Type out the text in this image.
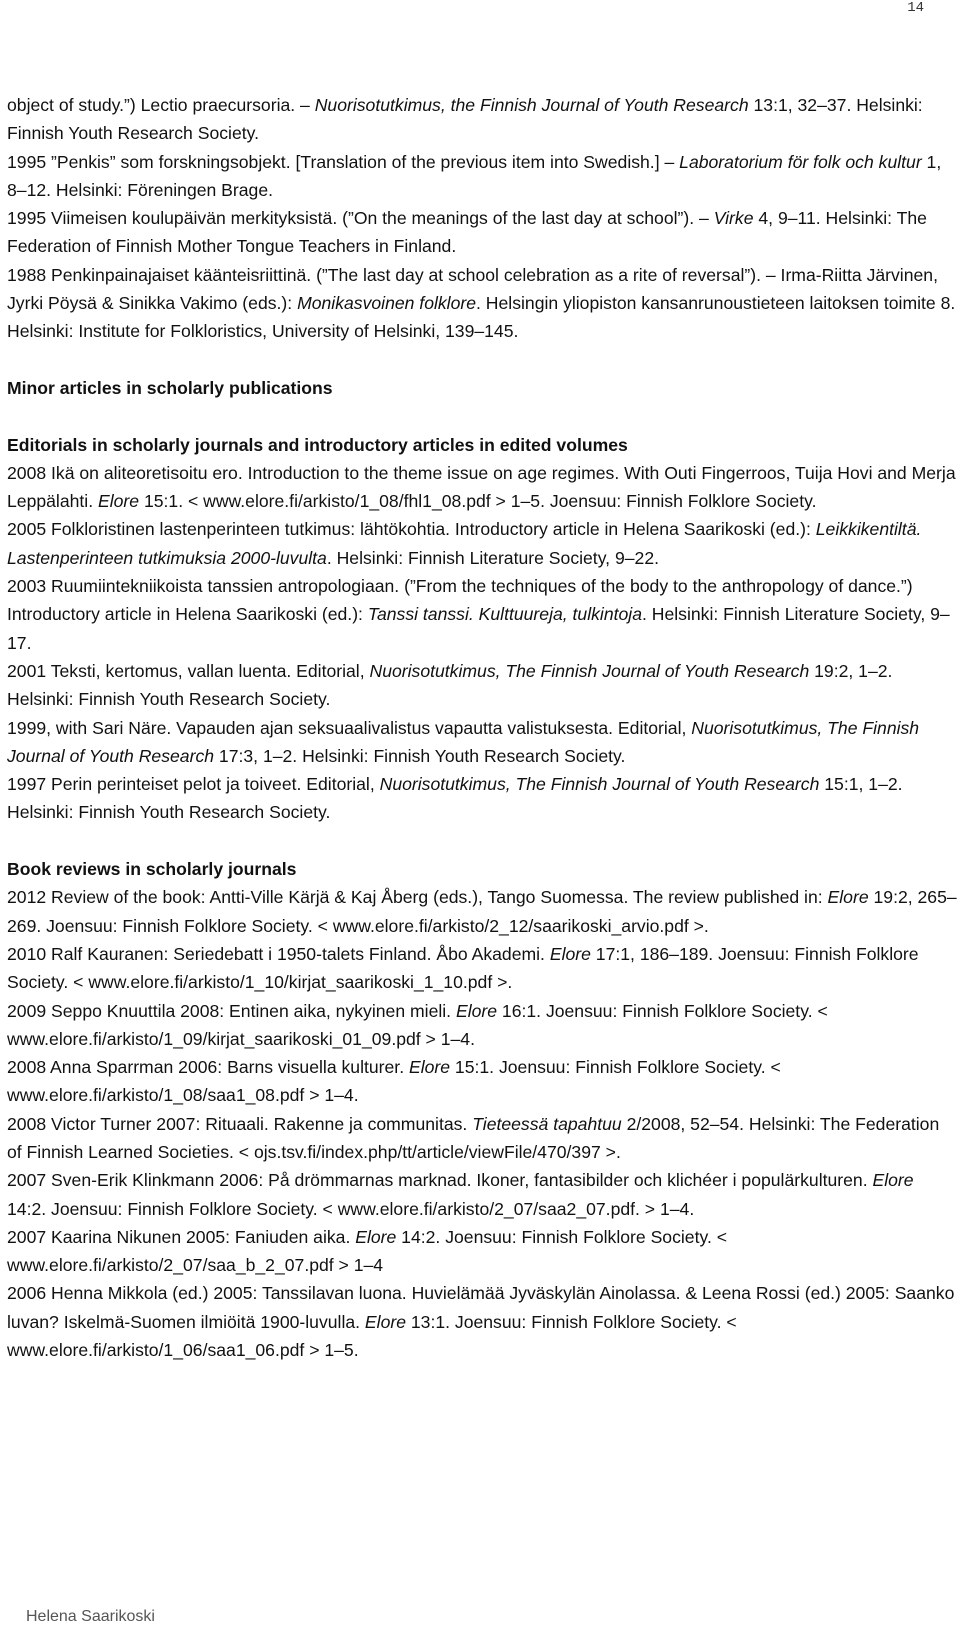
14

object of study.”) Lectio praecursoria. – Nuorisotutkimus, the Finnish Journal of Youth Research 13:1, 32–37. Helsinki: Finnish Youth Research Society.

1995 ”Penkis” som forskningsobjekt. [Translation of the previous item into Swedish.] – Laboratorium för folk och kultur 1, 8–12. Helsinki: Föreningen Brage.

1995 Viimeisen koulupäivän merkityksistä. (”On the meanings of the last day at school”). – Virke 4, 9–11. Helsinki: The Federation of Finnish Mother Tongue Teachers in Finland.

1988 Penkinpainajaiset käänteisriittinä. (”The last day at school celebration as a rite of reversal”). – Irma-Riitta Järvinen, Jyrki Pöysä & Sinikka Vakimo (eds.): Monikasvoinen folklore. Helsingin yliopiston kansanrunoustieteen laitoksen toimite 8. Helsinki: Institute for Folkloristics, University of Helsinki, 139–145.

Minor articles in scholarly publications

Editorials in scholarly journals and introductory articles in edited volumes

2008 Ikä on aliteoretisoitu ero. Introduction to the theme issue on age regimes. With Outi Fingerroos, Tuija Hovi and Merja Leppälahti. Elore 15:1. < www.elore.fi/arkisto/1_08/fhl1_08.pdf > 1–5. Joensuu: Finnish Folklore Society.

2005 Folkloristinen lastenperinteen tutkimus: lähtökohtia. Introductory article in Helena Saarikoski (ed.): Leikkikentiltä. Lastenperinteen tutkimuksia 2000-luvulta. Helsinki: Finnish Literature Society, 9–22.

2003 Ruumiintekniikoista tanssien antropologiaan. (”From the techniques of the body to the anthropology of dance.”) Introductory article in Helena Saarikoski (ed.): Tanssi tanssi. Kulttuureja, tulkintoja. Helsinki: Finnish Literature Society, 9–17.

2001 Teksti, kertomus, vallan luenta. Editorial, Nuorisotutkimus, The Finnish Journal of Youth Research 19:2, 1–2. Helsinki: Finnish Youth Research Society.

1999, with Sari Näre. Vapauden ajan seksuaalivalistus vapautta valistuksesta. Editorial, Nuorisotutkimus, The Finnish Journal of Youth Research 17:3, 1–2. Helsinki: Finnish Youth Research Society.

1997 Perin perinteiset pelot ja toiveet. Editorial, Nuorisotutkimus, The Finnish Journal of Youth Research 15:1, 1–2. Helsinki: Finnish Youth Research Society.

Book reviews in scholarly journals

2012 Review of the book: Antti-Ville Kärjä & Kaj Åberg (eds.), Tango Suomessa. The review published in: Elore 19:2, 265–269. Joensuu: Finnish Folklore Society. < www.elore.fi/arkisto/2_12/saarikoski_arvio.pdf >.

2010 Ralf Kauranen: Seriedebatt i 1950-talets Finland. Åbo Akademi. Elore 17:1, 186–189. Joensuu: Finnish Folklore Society. < www.elore.fi/arkisto/1_10/kirjat_saarikoski_1_10.pdf >.

2009 Seppo Knuuttila 2008: Entinen aika, nykyinen mieli. Elore 16:1. Joensuu: Finnish Folklore Society. < www.elore.fi/arkisto/1_09/kirjat_saarikoski_01_09.pdf > 1–4.

2008 Anna Sparrman 2006: Barns visuella kulturer. Elore 15:1. Joensuu: Finnish Folklore Society. < www.elore.fi/arkisto/1_08/saa1_08.pdf > 1–4.

2008 Victor Turner 2007: Rituaali. Rakenne ja communitas. Tieteessä tapahtuu 2/2008, 52–54. Helsinki: The Federation of Finnish Learned Societies. < ojs.tsv.fi/index.php/tt/article/viewFile/470/397 >.

2007 Sven-Erik Klinkmann 2006: På drömmarnas marknad. Ikoner, fantasibilder och klichéer i populärkulturen. Elore 14:2. Joensuu: Finnish Folklore Society. < www.elore.fi/arkisto/2_07/saa2_07.pdf. > 1–4.

2007 Kaarina Nikunen 2005: Faniuden aika. Elore 14:2. Joensuu: Finnish Folklore Society. < www.elore.fi/arkisto/2_07/saa_b_2_07.pdf > 1–4

2006 Henna Mikkola (ed.) 2005: Tanssilavan luona. Huvielämää Jyväskylän Ainolassa. & Leena Rossi (ed.) 2005: Saanko luvan? Iskelmä-Suomen ilmiöitä 1900-luvulla. Elore 13:1. Joensuu: Finnish Folklore Society. < www.elore.fi/arkisto/1_06/saa1_06.pdf > 1–5.

Helena Saarikoski
